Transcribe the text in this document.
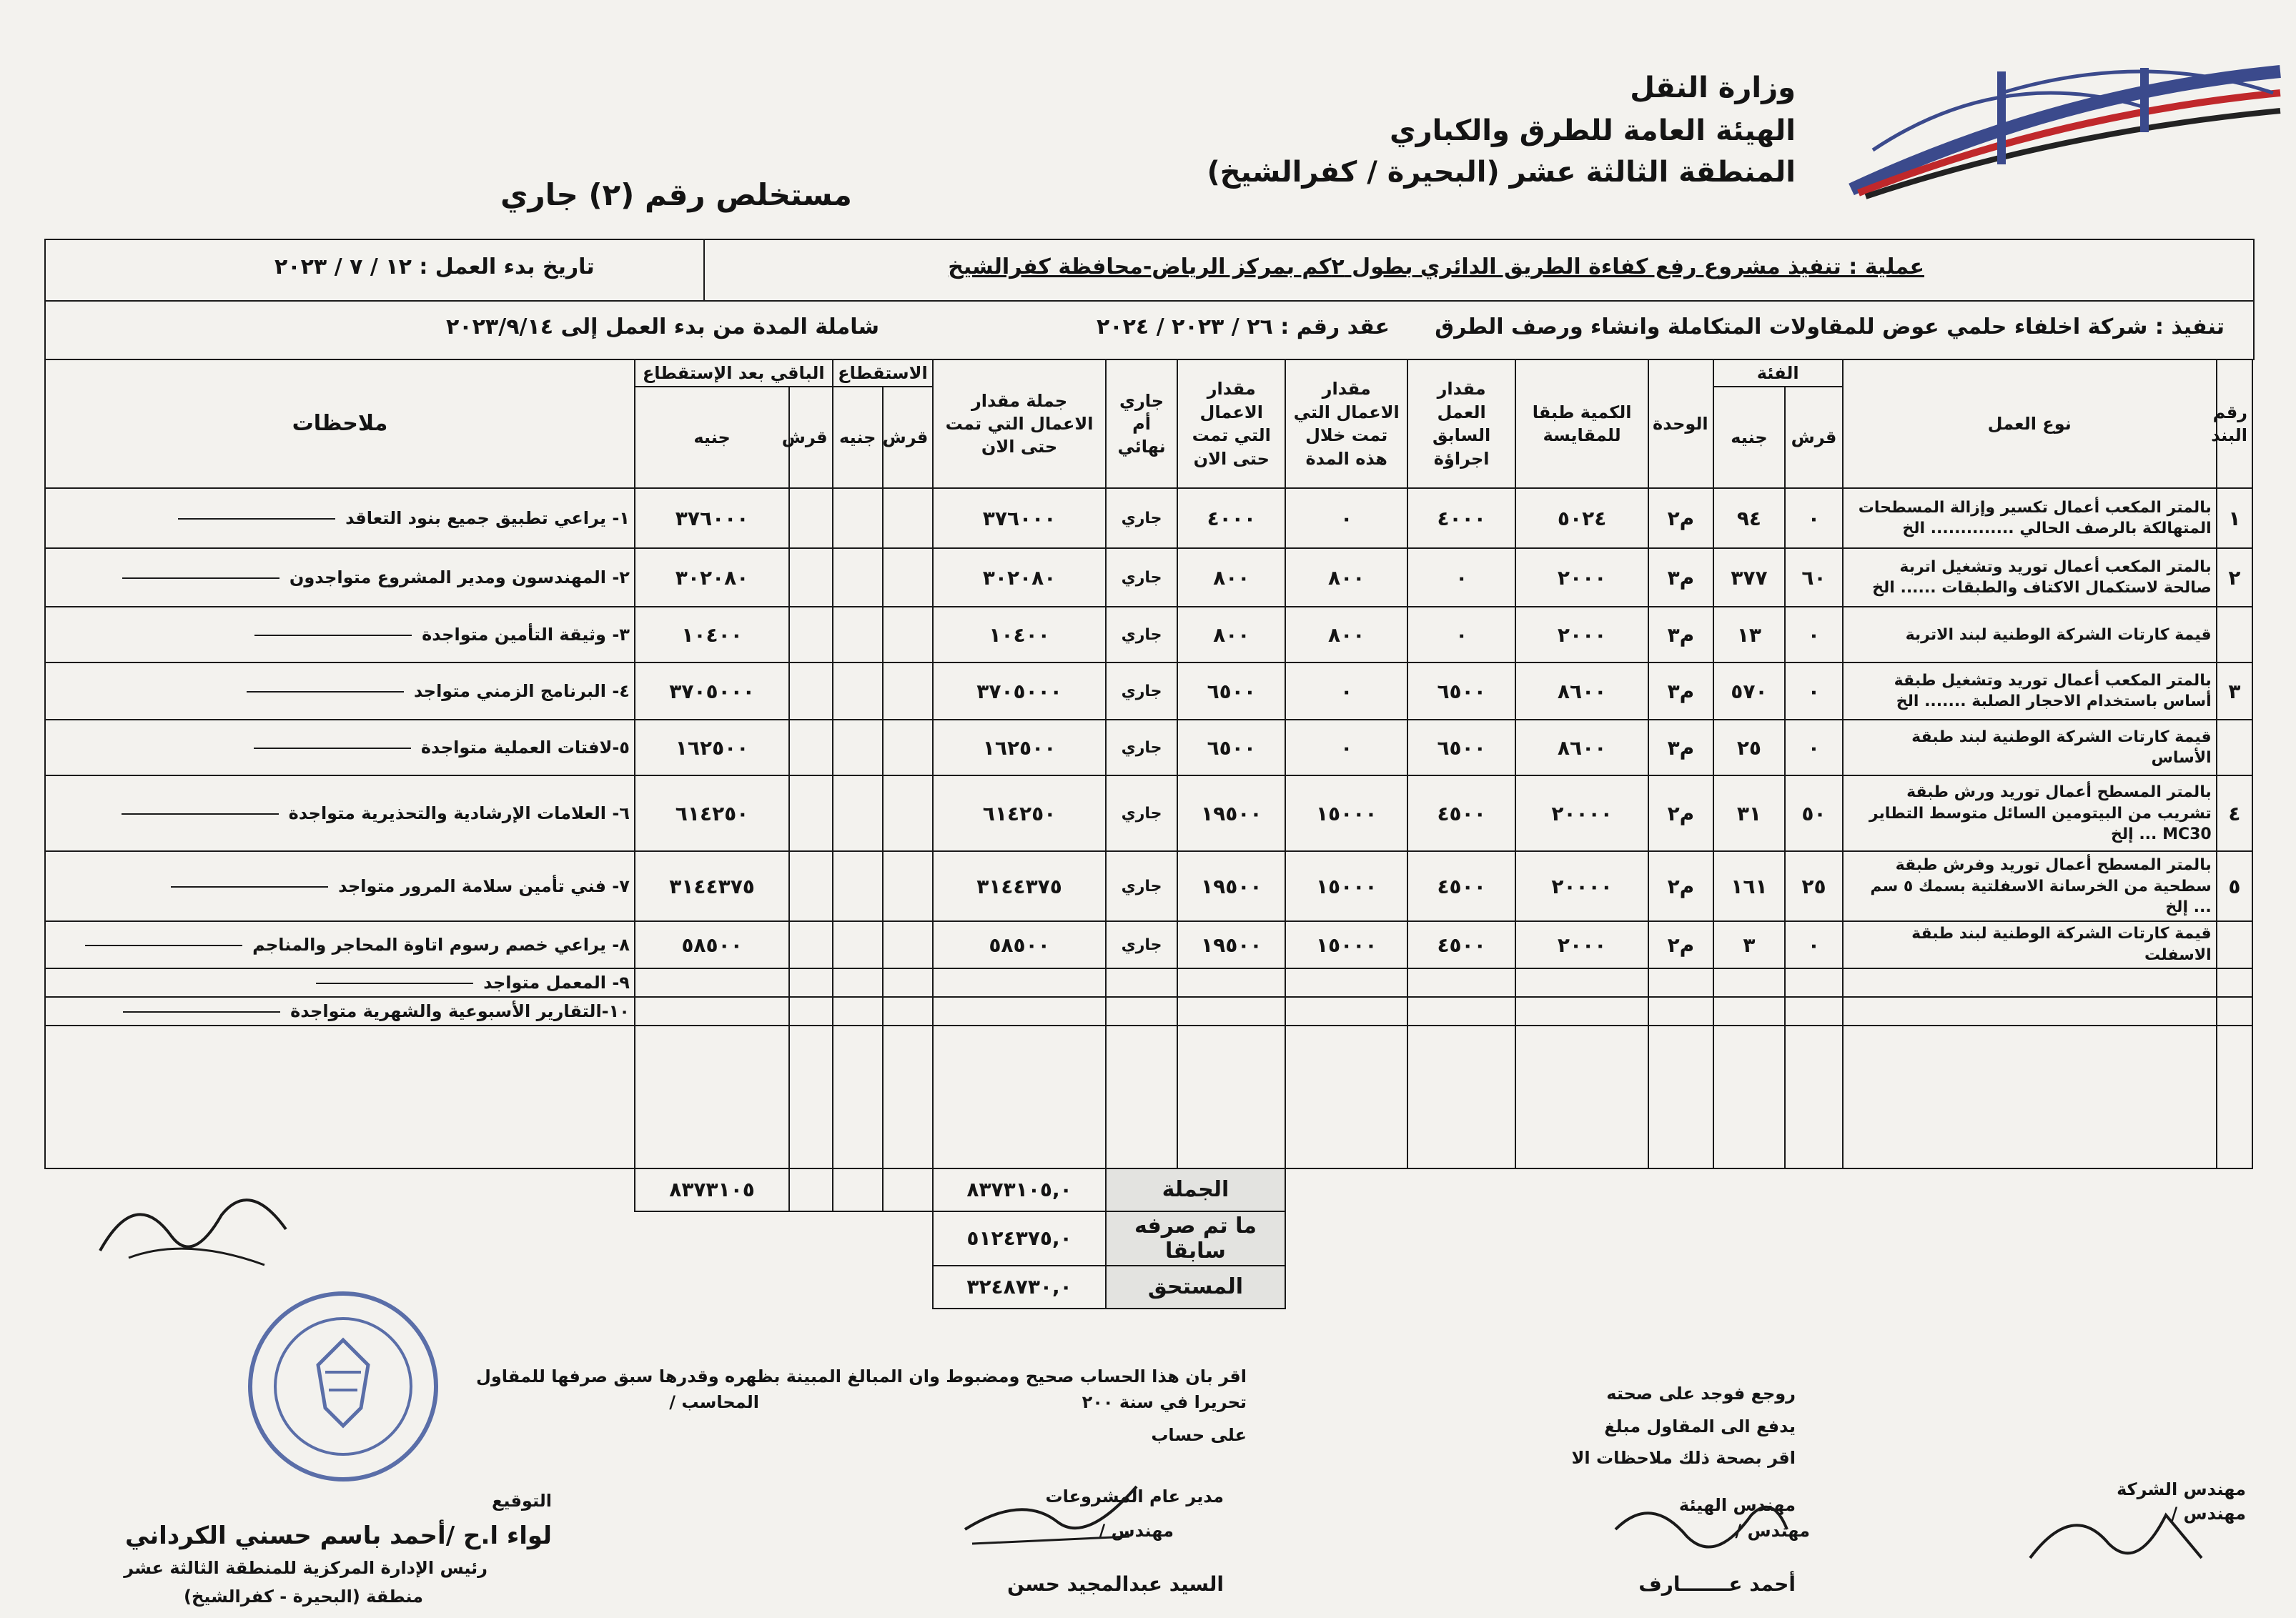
وزارة النقل
الهيئة العامة للطرق والكباري
المنطقة الثالثة عشر (البحيرة / كفرالشيخ)
مستخلص رقم (٢) جاري
عملية : تنفيذ مشروع رفع كفاءة الطريق الدائري بطول ٢كم بمركز الرياض-محافظة كفرالشيخ
تاريخ بدء العمل : ١٢ / ٧ / ٢٠٢٣
تنفيذ : شركة اخلفاء حلمي عوض للمقاولات المتكاملة وانشاء ورصف الطرق
عقد رقم : ٢٦ / ٢٠٢٣ / ٢٠٢٤
شاملة المدة من بدء العمل إلى ٢٠٢٣/٩/١٤
رقم البند	نوع العمل	الفئة		الوحدة	الكمية طبقا للمقايسة	مقدار العمل السابق اجراؤة	مقدار الاعمال التي تمت خلال هذه المدة	مقدار الاعمال التي تمت حتى الان	جاري أم نهائي	جملة مقدار الاعمال التي تمت حتى الان	الاستقطاع		الباقي بعد الإستقطاع		ملاحظات
		قرش	جنيه								قرش	جنيه	قرش	جنيه	
١	بالمتر المكعب أعمال تكسير وإزالة المسطحات المتهالكة بالرصف الحالي .............. الخ	٠	٩٤	م٢	٥٠٢٤	٤٠٠٠	٠	٤٠٠٠	جاري	٣٧٦٠٠٠				٣٧٦٠٠٠	١- يراعي تطبيق جميع بنود التعاقد
٢	بالمتر المكعب أعمال توريد وتشغيل اتربة صالحة لاستكمال الاكتاف والطبقات ...... الخ	٦٠	٣٧٧	م٣	٢٠٠٠	٠	٨٠٠	٨٠٠	جاري	٣٠٢٠٨٠				٣٠٢٠٨٠	٢- المهندسون ومدير المشروع متواجدون
	قيمة كارتات الشركة الوطنية لبند الاتربة	٠	١٣	م٣	٢٠٠٠	٠	٨٠٠	٨٠٠	جاري	١٠٤٠٠				١٠٤٠٠	٣- وثيقة التأمين متواجدة
٣	بالمتر المكعب أعمال توريد وتشغيل طبقة أساس باستخدام الاحجار الصلبة ....... الخ	٠	٥٧٠	م٣	٨٦٠٠	٦٥٠٠	٠	٦٥٠٠	جاري	٣٧٠٥٠٠٠				٣٧٠٥٠٠٠	٤- البرنامج الزمني متواجد
	قيمة كارتات الشركة الوطنية لبند طبقة الأساس	٠	٢٥	م٣	٨٦٠٠	٦٥٠٠	٠	٦٥٠٠	جاري	١٦٢٥٠٠				١٦٢٥٠٠	٥-لافتات العملية متواجدة
٤	بالمتر المسطح أعمال توريد ورش طبقة تشريب من البيتومين السائل متوسط التطاير MC30 ... إلخ	٥٠	٣١	م٢	٢٠٠٠٠	٤٥٠٠	١٥٠٠٠	١٩٥٠٠	جاري	٦١٤٢٥٠				٦١٤٢٥٠	٦- العلامات الإرشادية والتحذيرية متواجدة
٥	بالمتر المسطح أعمال توريد وفرش طبقة سطحية من الخرسانة الاسفلتية بسمك ٥ سم ... إلخ	٢٥	١٦١	م٢	٢٠٠٠٠	٤٥٠٠	١٥٠٠٠	١٩٥٠٠	جاري	٣١٤٤٣٧٥				٣١٤٤٣٧٥	٧- فني تأمين سلامة المرور متواجد
	قيمة كارتات الشركة الوطنية لبند طبقة الاسفلت	٠	٣	م٢	٢٠٠٠	٤٥٠٠	١٥٠٠٠	١٩٥٠٠	جاري	٥٨٥٠٠				٥٨٥٠٠	٨- يراعي خصم رسوم اتاوة المحاجر والمناجم
															٩- المعمل متواجد
															١٠-التقارير الأسبوعية والشهرية متواجدة

								الجملة		٨٣٧٣١٠٥,٠				٨٣٧٣١٠٥	
								ما تم صرفه سابقا		٥١٢٤٣٧٥,٠					
								المستحق		٣٢٤٨٧٣٠,٠					
اقر بان هذا الحساب صحيح ومضبوط وان المبالغ المبينة بظهره وقدرها سبق صرفها للمقاول
تحريرا في سنة ٢٠٠
المحاسب /
على حساب
روجع فوجد على صحته
يدفع الى المقاول مبلغ
اقر بصحة ذلك ملاحظات الا
مهندس الشركة
مهندس /
مهندس الهيئة
مهندس /
أحمد عـــــــارف
مدير عام المشروعات
مهندس /
السيد عبدالمجيد حسن
التوقيع
لواء ا.ح /أحمد باسم حسني الكرداني
رئيس الإدارة المركزية للمنطقة الثالثة عشر
منطقة (البحيرة - كفرالشيخ)
